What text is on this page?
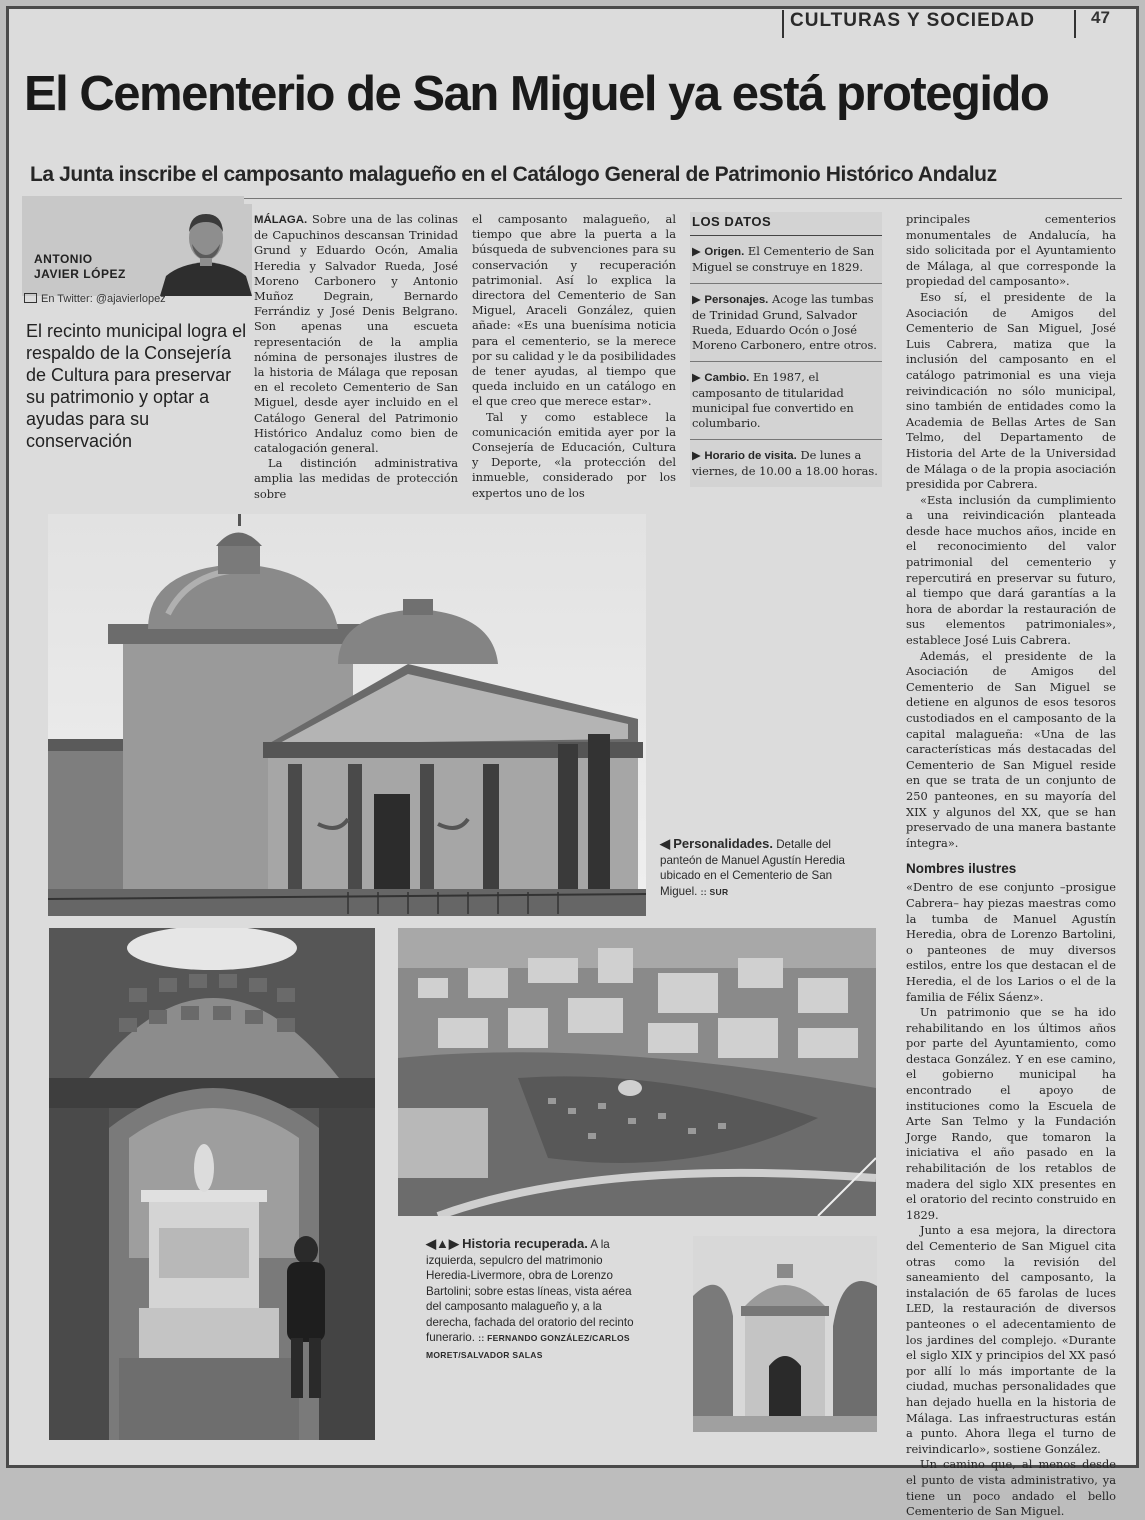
CULTURAS Y SOCIEDAD	47
El Cementerio de San Miguel ya está protegido
La Junta inscribe el camposanto malagueño en el Catálogo General de Patrimonio Histórico Andaluz
ANTONIO
JAVIER LÓPEZ
En Twitter: @ajavierlopez
El recinto municipal logra el respaldo de la Consejería de Cultura para preservar su patrimonio y optar a ayudas para su conservación

MÁLAGA. Sobre una de las colinas de Capuchinos descansan Trinidad Grund y Eduardo Ocón, Amalia Heredia y Salvador Rueda, José Moreno Carbonero y Antonio Muñoz Degrain, Bernardo Ferrándiz y José Denis Belgrano. Son apenas una escueta representación de la amplia nómina de personajes ilustres de la historia de Málaga que reposan en el recoleto Cementerio de San Miguel, desde ayer incluido en el Catálogo General del Patrimonio Histórico Andaluz como bien de catalogación general.

La distinción administrativa amplia las medidas de protección sobre

el camposanto malagueño, al tiempo que abre la puerta a la búsqueda de subvenciones para su conservación y recuperación patrimonial. Así lo explica la directora del Cementerio de San Miguel, Araceli González, quien añade: «Es una buenísima noticia para el cementerio, se la merece por su calidad y le da posibilidades de tener ayudas, al tiempo que queda incluido en un catálogo en el que creo que merece estar».

Tal y como establece la comunicación emitida ayer por la Consejería de Educación, Cultura y Deporte, «la protección del inmueble, considerado por los expertos uno de los

LOS DATOS
▶ Origen. El Cementerio de San Miguel se construye en 1829.
▶ Personajes. Acoge las tumbas de Trinidad Grund, Salvador Rueda, Eduardo Ocón o José Moreno Carbonero, entre otros.
▶ Cambio. En 1987, el camposanto de titularidad municipal fue convertido en columbario.
▶ Horario de visita. De lunes a viernes, de 10.00 a 18.00 horas.

principales cementerios monumentales de Andalucía, ha sido solicitada por el Ayuntamiento de Málaga, al que corresponde la propiedad del camposanto».

Eso sí, el presidente de la Asociación de Amigos del Cementerio de San Miguel, José Luis Cabrera, matiza que la inclusión del camposanto en el catálogo patrimonial es una vieja reivindicación no sólo municipal, sino también de entidades como la Academia de Bellas Artes de San Telmo, del Departamento de Historia del Arte de la Universidad de Málaga o de la propia asociación presidida por Cabrera.

«Esta inclusión da cumplimiento a una reivindicación planteada desde hace muchos años, incide en el reconocimiento del valor patrimonial del cementerio y repercutirá en preservar su futuro, al tiempo que dará garantías a la hora de abordar la restauración de sus elementos patrimoniales», establece José Luis Cabrera.

Además, el presidente de la Asociación de Amigos del Cementerio de San Miguel se detiene en algunos de esos tesoros custodiados en el camposanto de la capital malagueña: «Una de las características más destacadas del Cementerio de San Miguel reside en que se trata de un conjunto de 250 panteones, en su mayoría del XIX y algunos del XX, que se han preservado de una manera bastante íntegra».

Nombres ilustres

«Dentro de ese conjunto –prosigue Cabrera– hay piezas maestras como la tumba de Manuel Agustín Heredia, obra de Lorenzo Bartolini, o panteones de muy diversos estilos, entre los que destacan el de Heredia, el de los Larios o el de la familia de Félix Sáenz».

Un patrimonio que se ha ido rehabilitando en los últimos años por parte del Ayuntamiento, como destaca González. Y en ese camino, el gobierno municipal ha encontrado el apoyo de instituciones como la Escuela de Arte San Telmo y la Fundación Jorge Rando, que tomaron la iniciativa el año pasado en la rehabilitación de los retablos de madera del siglo XIX presentes en el oratorio del recinto construido en 1829.

Junto a esa mejora, la directora del Cementerio de San Miguel cita otras como la revisión del saneamiento del camposanto, la instalación de 65 farolas de luces LED, la restauración de diversos panteones o el adecentamiento de los jardines del complejo. «Durante el siglo XIX y principios del XX pasó por allí lo más importante de la ciudad, muchas personalidades que han dejado huella en la historia de Málaga. Las infraestructuras están a punto. Ahora llega el turno de reivindicarlo», sostiene González.

Un camino que, al menos desde el punto de vista administrativo, ya tiene un poco andado el bello Cementerio de San Miguel.

◀ Personalidades. Detalle del panteón de Manuel Agustín Heredia ubicado en el Cementerio de San Miguel. :: SUR
◀▲▶ Historia recuperada. A la izquierda, sepulcro del matrimonio Heredia-Livermore, obra de Lorenzo Bartolini; sobre estas líneas, vista aérea del camposanto malagueño y, a la derecha, fachada del oratorio del recinto funerario. :: FERNANDO GONZÁLEZ/CARLOS MORET/SALVADOR SALAS
